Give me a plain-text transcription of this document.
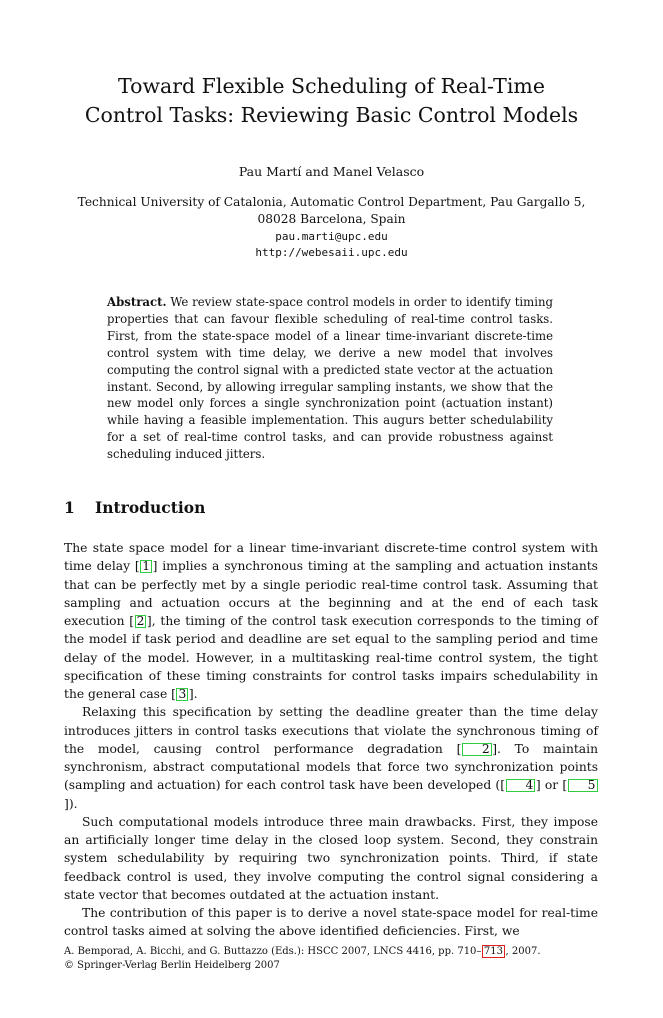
Toward Flexible Scheduling of Real-Time
Control Tasks: Reviewing Basic Control Models
Pau Martí and Manel Velasco
Technical University of Catalonia, Automatic Control Department, Pau Gargallo 5,
08028 Barcelona, Spain
pau.marti@upc.edu
http://webesaii.upc.edu

Abstract. We review state-space control models in order to identify timing properties that can favour flexible scheduling of real-time control tasks. First, from the state-space model of a linear time-invariant discrete-time control system with time delay, we derive a new model that involves computing the control signal with a predicted state vector at the actuation instant. Second, by allowing irregular sampling instants, we show that the new model only forces a single synchronization point (actuation instant) while having a feasible implementation. This augurs better schedulability for a set of real-time control tasks, and can provide robustness against scheduling induced jitters.

1 Introduction

The state space model for a linear time-invariant discrete-time control system with time delay [ 1 ] implies a synchronous timing at the sampling and actuation instants that can be perfectly met by a single periodic real-time control task. Assuming that sampling and actuation occurs at the beginning and at the end of each task execution [ 2 ], the timing of the control task execution corresponds to the timing of the model if task period and deadline are set equal to the sampling period and time delay of the model. However, in a multitasking real-time control system, the tight specification of these timing constraints for control tasks impairs schedulability in the general case [ 3 ].

Relaxing this specification by setting the deadline greater than the time delay introduces jitters in control tasks executions that violate the synchronous timing of the model, causing control performance degradation [ 2 ]. To maintain synchronism, abstract computational models that force two synchronization points (sampling and actuation) for each control task have been developed ([ 4 ] or [ 5]).

Such computational models introduce three main drawbacks. First, they impose an artificially longer time delay in the closed loop system. Second, they constrain system schedulability by requiring two synchronization points. Third, if state feedback control is used, they involve computing the control signal considering a state vector that becomes outdated at the actuation instant.

The contribution of this paper is to derive a novel state-space model for real-time control tasks aimed at solving the above identified deficiencies. First, we

A. Bemporad, A. Bicchi, and G. Buttazzo (Eds.): HSCC 2007, LNCS 4416, pp. 710– 713 , 2007.
© Springer-Verlag Berlin Heidelberg 2007
